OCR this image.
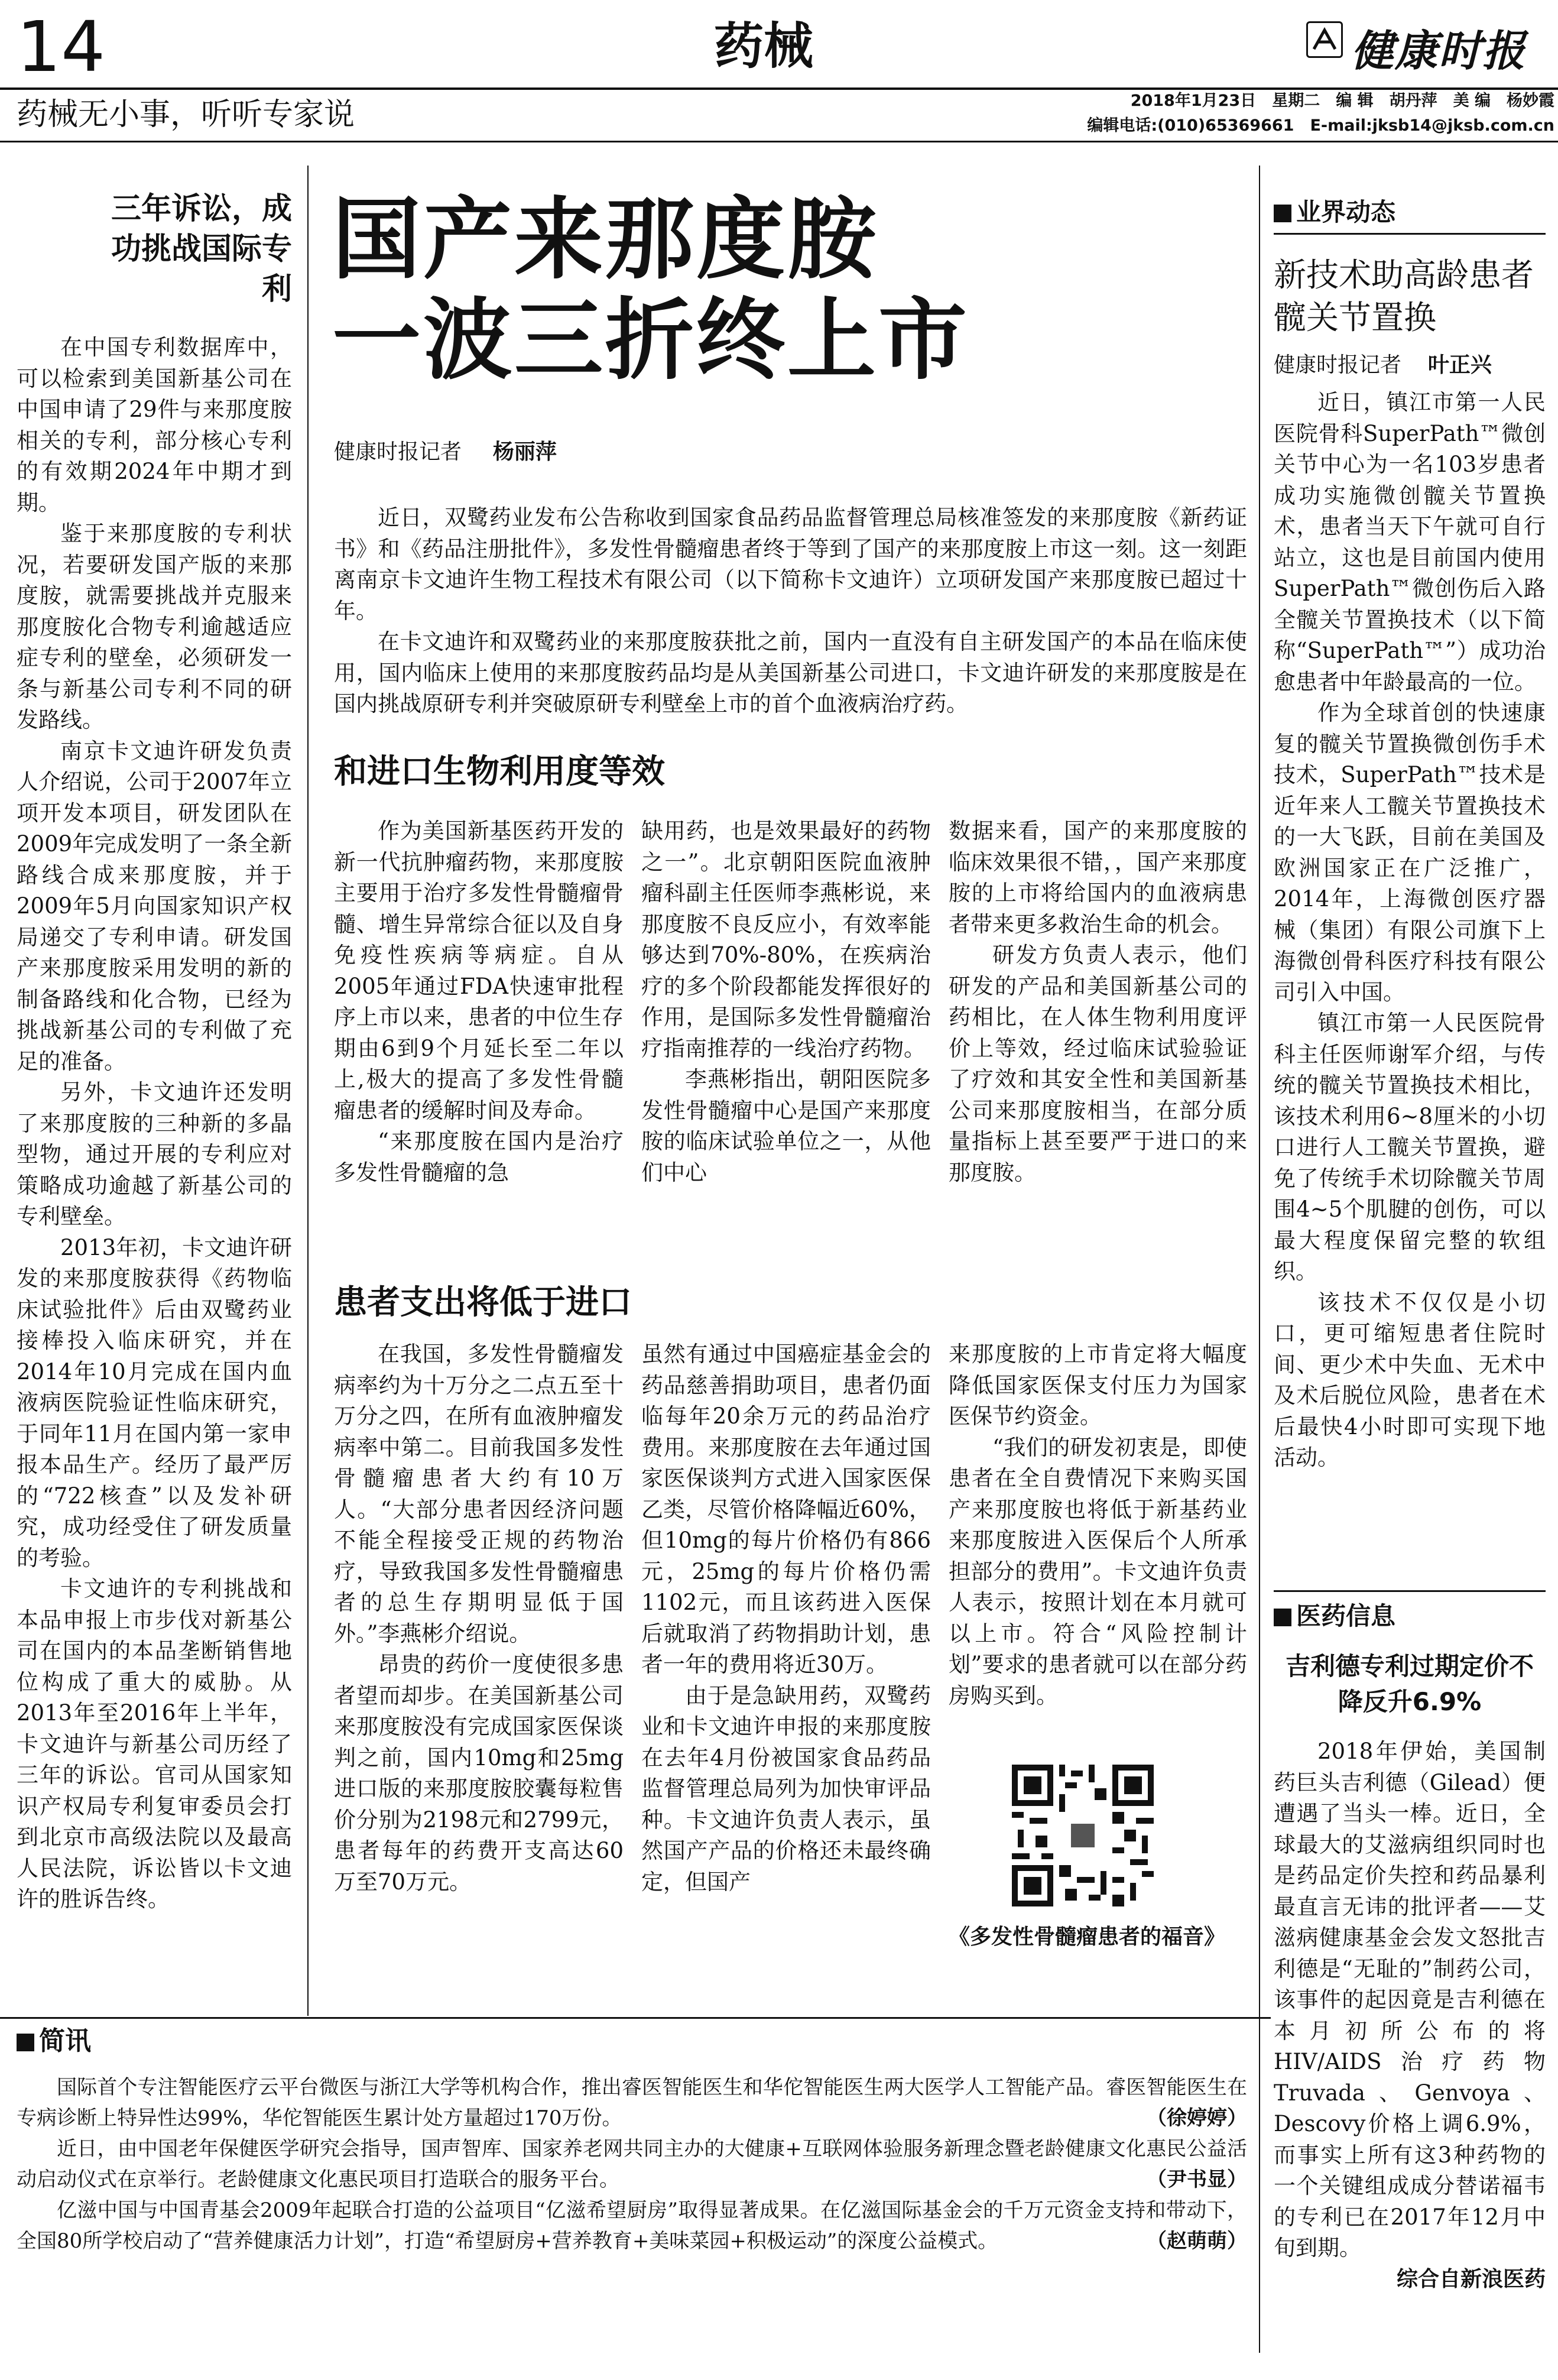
14	药械	健康时报
药械无小事，听听专家说	2018年1月23日　星期二　编 辑　胡丹萍　美 编　杨妙霞
编辑电话:(010)65369661　E-mail:jksb14@jksb.com.cn
三年诉讼，成功挑战国际专利

在中国专利数据库中，可以检索到美国新基公司在中国申请了29件与来那度胺相关的专利，部分核心专利的有效期2024年中期才到期。

鉴于来那度胺的专利状况，若要研发国产版的来那度胺，就需要挑战并克服来那度胺化合物专利逾越适应症专利的壁垒，必须研发一条与新基公司专利不同的研发路线。

南京卡文迪许研发负责人介绍说，公司于2007年立项开发本项目，研发团队在2009年完成发明了一条全新路线合成来那度胺，并于2009年5月向国家知识产权局递交了专利申请。研发国产来那度胺采用发明的新的制备路线和化合物，已经为挑战新基公司的专利做了充足的准备。

另外，卡文迪许还发明了来那度胺的三种新的多晶型物，通过开展的专利应对策略成功逾越了新基公司的专利壁垒。

2013年初，卡文迪许研发的来那度胺获得《药物临床试验批件》后由双鹭药业接棒投入临床研究，并在2014年10月完成在国内血液病医院验证性临床研究，于同年11月在国内第一家申报本品生产。经历了最严厉的“722核查”以及发补研究，成功经受住了研发质量的考验。

卡文迪许的专利挑战和本品申报上市步伐对新基公司在国内的本品垄断销售地位构成了重大的威胁。从2013年至2016年上半年，卡文迪许与新基公司历经了三年的诉讼。官司从国家知识产权局专利复审委员会打到北京市高级法院以及最高人民法院，诉讼皆以卡文迪许的胜诉告终。

国产来那度胺
一波三折终上市
健康时报记者 杨丽萍

近日，双鹭药业发布公告称收到国家食品药品监督管理总局核准签发的来那度胺《新药证书》和《药品注册批件》，多发性骨髓瘤患者终于等到了国产的来那度胺上市这一刻。这一刻距离南京卡文迪许生物工程技术有限公司（以下简称卡文迪许）立项研发国产来那度胺已超过十年。

在卡文迪许和双鹭药业的来那度胺获批之前，国内一直没有自主研发国产的本品在临床使用，国内临床上使用的来那度胺药品均是从美国新基公司进口，卡文迪许研发的来那度胺是在国内挑战原研专利并突破原研专利壁垒上市的首个血液病治疗药。

和进口生物利用度等效

作为美国新基医药开发的新一代抗肿瘤药物，来那度胺主要用于治疗多发性骨髓瘤骨髓、增生异常综合征以及自身免疫性疾病等病症。自从2005年通过FDA快速审批程序上市以来，患者的中位生存期由6到9个月延长至二年以上,极大的提高了多发性骨髓瘤患者的缓解时间及寿命。

“来那度胺在国内是治疗多发性骨髓瘤的急

缺用药，也是效果最好的药物之一”。北京朝阳医院血液肿瘤科副主任医师李燕彬说，来那度胺不良反应小，有效率能够达到70%-80%，在疾病治疗的多个阶段都能发挥很好的作用，是国际多发性骨髓瘤治疗指南推荐的一线治疗药物。

李燕彬指出，朝阳医院多发性骨髓瘤中心是国产来那度胺的临床试验单位之一，从他们中心

数据来看，国产的来那度胺的临床效果很不错，，国产来那度胺的上市将给国内的血液病患者带来更多救治生命的机会。

研发方负责人表示，他们研发的产品和美国新基公司的药相比，在人体生物利用度评价上等效，经过临床试验验证了疗效和其安全性和美国新基公司来那度胺相当，在部分质量指标上甚至要严于进口的来那度胺。

患者支出将低于进口

在我国，多发性骨髓瘤发病率约为十万分之二点五至十万分之四，在所有血液肿瘤发病率中第二。目前我国多发性骨髓瘤患者大约有10万人。“大部分患者因经济问题不能全程接受正规的药物治疗，导致我国多发性骨髓瘤患者的总生存期明显低于国外。”李燕彬介绍说。

昂贵的药价一度使很多患者望而却步。在美国新基公司来那度胺没有完成国家医保谈判之前，国内10mg和25mg进口版的来那度胺胶囊每粒售价分别为2198元和2799元，患者每年的药费开支高达60万至70万元。

虽然有通过中国癌症基金会的药品慈善捐助项目，患者仍面临每年20余万元的药品治疗费用。来那度胺在去年通过国家医保谈判方式进入国家医保乙类，尽管价格降幅近60%，但10mg的每片价格仍有866元，25mg的每片价格仍需1102元，而且该药进入医保后就取消了药物捐助计划，患者一年的费用将近30万。

由于是急缺用药，双鹭药业和卡文迪许申报的来那度胺在去年4月份被国家食品药品监督管理总局列为加快审评品种。卡文迪许负责人表示，虽然国产产品的价格还未最终确定，但国产

来那度胺的上市肯定将大幅度降低国家医保支付压力为国家医保节约资金。

“我们的研发初衷是，即使患者在全自费情况下来购买国产来那度胺也将低于新基药业来那度胺进入医保后个人所承担部分的费用”。卡文迪许负责人表示，按照计划在本月就可以上市。符合“风险控制计划”要求的患者就可以在部分药房购买到。

《多发性骨髓瘤患者的福音》
简讯

国际首个专注智能医疗云平台微医与浙江大学等机构合作，推出睿医智能医生和华佗智能医生两大医学人工智能产品。睿医智能医生在专病诊断上特异性达99%，华佗智能医生累计处方量超过170万份。	（徐婷婷）

近日，由中国老年保健医学研究会指导，国声智库、国家养老网共同主办的大健康+互联网体验服务新理念暨老龄健康文化惠民公益活动启动仪式在京举行。老龄健康文化惠民项目打造联合的服务平台。	（尹书显）

亿滋中国与中国青基会2009年起联合打造的公益项目“亿滋希望厨房”取得显著成果。在亿滋国际基金会的千万元资金支持和带动下，全国80所学校启动了“营养健康活力计划”，打造“希望厨房+营养教育+美味菜园+积极运动”的深度公益模式。	（赵萌萌）

业界动态
新技术助高龄患者髋关节置换
健康时报记者 叶正兴

近日，镇江市第一人民医院骨科SuperPath™微创关节中心为一名103岁患者成功实施微创髋关节置换术，患者当天下午就可自行站立，这也是目前国内使用SuperPath™微创伤后入路全髋关节置换技术（以下简称“SuperPath™”）成功治愈患者中年龄最高的一位。

作为全球首创的快速康复的髋关节置换微创伤手术技术，SuperPath™技术是近年来人工髋关节置换技术的一大飞跃，目前在美国及欧洲国家正在广泛推广，2014年，上海微创医疗器械（集团）有限公司旗下上海微创骨科医疗科技有限公司引入中国。

镇江市第一人民医院骨科主任医师谢军介绍，与传统的髋关节置换技术相比，该技术利用6~8厘米的小切口进行人工髋关节置换，避免了传统手术切除髋关节周围4~5个肌腱的创伤，可以最大程度保留完整的软组织。

该技术不仅仅是小切口，更可缩短患者住院时间、更少术中失血、无术中及术后脱位风险，患者在术后最快4小时即可实现下地活动。

医药信息
吉利德专利过期定价不降反升6.9%

2018年伊始，美国制药巨头吉利德（Gilead）便遭遇了当头一棒。近日，全球最大的艾滋病组织同时也是药品定价失控和药品暴利最直言无讳的批评者——艾滋病健康基金会发文怒批吉利德是“无耻的”制药公司，该事件的起因竟是吉利德在本月初所公布的将HIV/AIDS治疗药物Truvada、Genvoya、Descovy价格上调6.9%，而事实上所有这3种药物的一个关键组成成分替诺福韦的专利已在2017年12月中旬到期。

综合自新浪医药
